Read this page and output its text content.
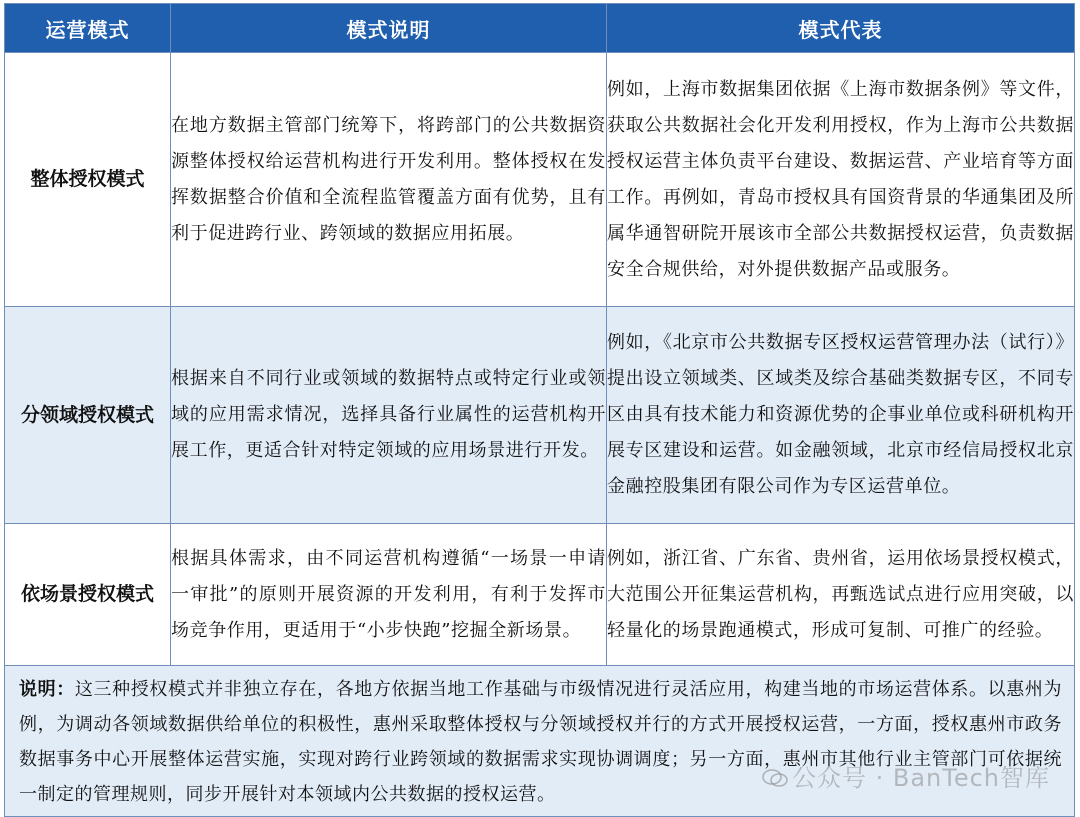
运营模式	模式说明	模式代表
整体授权模式	在地方数据主管部门统筹下，将跨部门的公共数据资源整体授权给运营机构进行开发利用。整体授权在发挥数据整合价值和全流程监管覆盖方面有优势，且有利于促进跨行业、跨领域的数据应用拓展。	例如，上海市数据集团依据《上海市数据条例》等文件，获取公共数据社会化开发利用授权，作为上海市公共数据授权运营主体负责平台建设、数据运营、产业培育等方面工作。再例如，青岛市授权具有国资背景的华通集团及所属华通智研院开展该市全部公共数据授权运营，负责数据安全合规供给，对外提供数据产品或服务。
分领域授权模式	根据来自不同行业或领域的数据特点或特定行业或领域的应用需求情况，选择具备行业属性的运营机构开展工作，更适合针对特定领域的应用场景进行开发。	例如，《北京市公共数据专区授权运营管理办法（试行）》提出设立领域类、区域类及综合基础类数据专区，不同专区由具有技术能力和资源优势的企事业单位或科研机构开展专区建设和运营。如金融领域，北京市经信局授权北京金融控股集团有限公司作为专区运营单位。
依场景授权模式	根据具体需求，由不同运营机构遵循“一场景一申请一审批”的原则开展资源的开发利用，有利于发挥市场竞争作用，更适用于“小步快跑”挖掘全新场景。	例如，浙江省、广东省、贵州省，运用依场景授权模式，大范围公开征集运营机构，再甄选试点进行应用突破，以轻量化的场景跑通模式，形成可复制、可推广的经验。
说明：这三种授权模式并非独立存在，各地方依据当地工作基础与市级情况进行灵活应用，构建当地的市场运营体系。以惠州为例，为调动各领域数据供给单位的积极性，惠州采取整体授权与分领域授权并行的方式开展授权运营，一方面，授权惠州市政务数据事务中心开展整体运营实施，实现对跨行业跨领域的数据需求实现协调调度；另一方面，惠州市其他行业主管部门可依据统一制定的管理规则，同步开展针对本领域内公共数据的授权运营。		
公众号 · BanTech智库
